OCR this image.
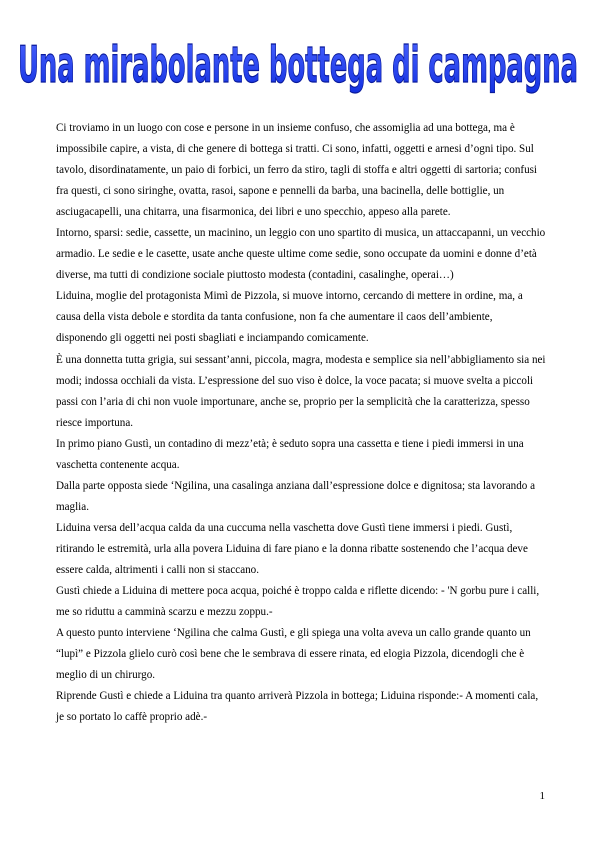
Una mirabolante bottega di campagna

Ci troviamo in un luogo con cose e persone in un insieme confuso, che assomiglia ad una bottega, ma è impossibile capire, a vista, di che genere di bottega si tratti. Ci sono, infatti, oggetti e arnesi d’ogni tipo. Sul tavolo, disordinatamente, un paio di forbici, un ferro da stiro, tagli di stoffa e altri oggetti di sartoria; confusi fra questi, ci sono siringhe, ovatta, rasoi, sapone e pennelli da barba, una bacinella, delle bottiglie, un asciugacapelli, una chitarra, una fisarmonica, dei libri e uno specchio, appeso alla parete.

Intorno, sparsi: sedie, cassette, un macinino, un leggio con uno spartito di musica, un attaccapanni, un vecchio armadio. Le sedie e le casette, usate anche queste ultime come sedie, sono occupate da uomini e donne d’età diverse, ma tutti di condizione sociale piuttosto modesta (contadini, casalinghe, operai…)

Liduina, moglie del protagonista Mimì de Pizzola, si muove intorno, cercando di mettere in ordine, ma, a causa della vista debole e stordita da tanta confusione, non fa che aumentare il caos dell’ambiente, disponendo gli oggetti nei posti sbagliati e inciampando comicamente.

È una donnetta tutta grigia, sui sessant’anni, piccola, magra, modesta e semplice sia nell’abbigliamento sia nei modi; indossa occhiali da vista. L’espressione del suo viso è dolce, la voce pacata; si muove svelta a piccoli passi con l’aria di chi non vuole importunare, anche se, proprio per la semplicità che la caratterizza, spesso riesce importuna.

In primo piano Gustì, un contadino di mezz’età; è seduto sopra una cassetta e tiene i piedi immersi in una vaschetta contenente acqua.

Dalla parte opposta siede ‘Ngilina, una casalinga anziana dall’espressione dolce e dignitosa; sta lavorando a maglia.

Liduina versa dell’acqua calda da una cuccuma nella vaschetta dove Gustì tiene immersi i piedi. Gustì, ritirando le estremità, urla alla povera Liduina di fare piano e la donna ribatte sostenendo che l’acqua deve essere calda, altrimenti i calli non si staccano.

Gustì chiede a Liduina di mettere poca acqua, poiché è troppo calda e riflette dicendo: - 'N gorbu pure i calli, me so riduttu a camminà scarzu e mezzu zoppu.-

A questo punto interviene ‘Ngilina che calma Gustì, e gli spiega una volta aveva un callo grande quanto un “lupì” e Pizzola glielo curò così bene che le sembrava di essere rinata, ed elogia Pizzola, dicendogli che è meglio di un chirurgo.

Riprende Gustì e chiede a Liduina tra quanto arriverà Pizzola in bottega; Liduina risponde:- A momenti cala, je so portato lo caffè proprio adè.-

1
